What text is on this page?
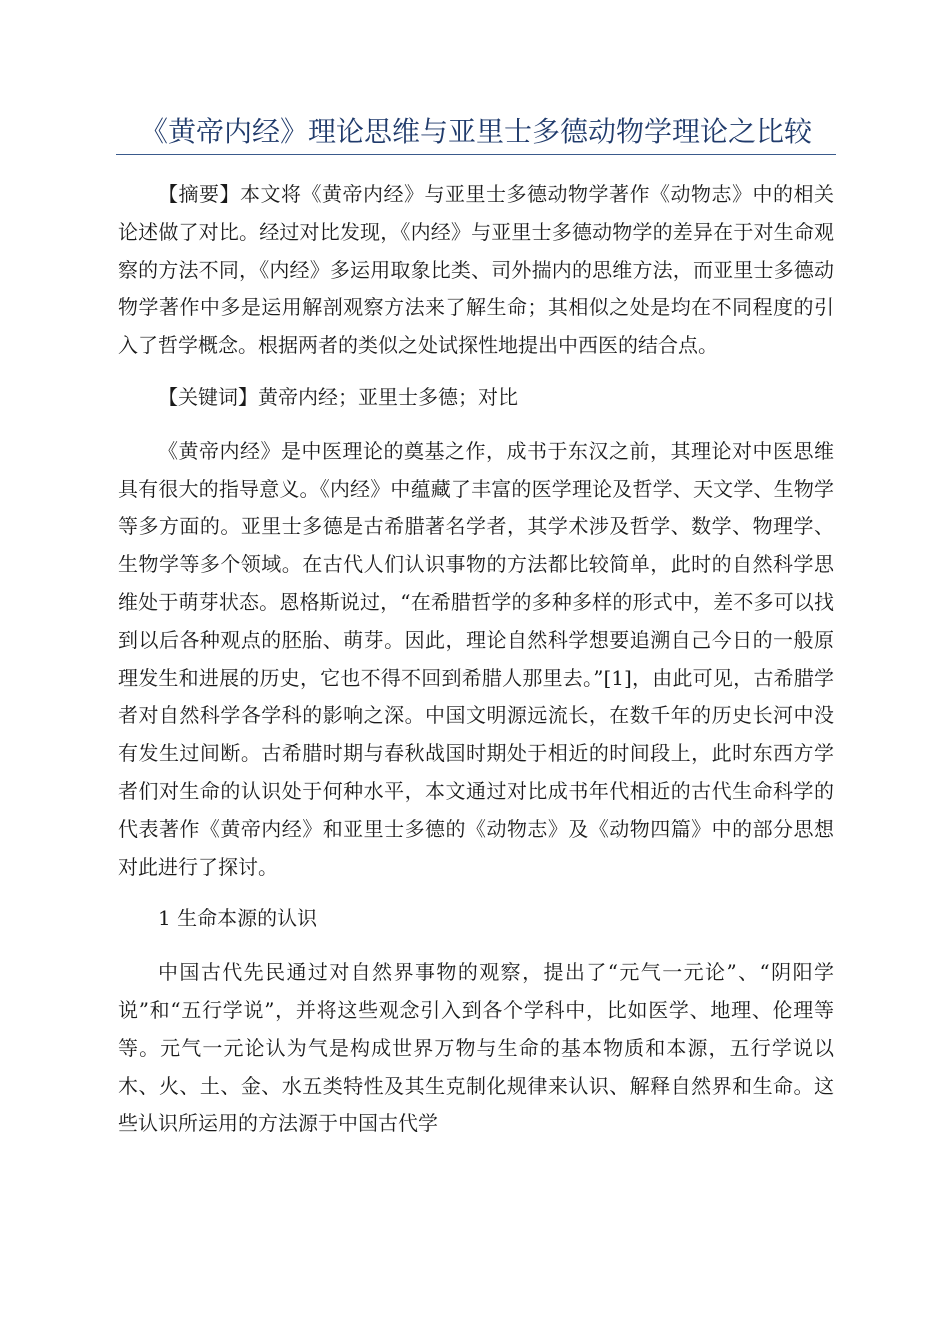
《黄帝内经》理论思维与亚里士多德动物学理论之比较

【摘要】本文将《黄帝内经》与亚里士多德动物学著作《动物志》中的相关论述做了对比。经过对比发现，《内经》与亚里士多德动物学的差异在于对生命观察的方法不同，《内经》多运用取象比类、司外揣内的思维方法，而亚里士多德动物学著作中多是运用解剖观察方法来了解生命；其相似之处是均在不同程度的引入了哲学概念。根据两者的类似之处试探性地提出中西医的结合点。

【关键词】黄帝内经；亚里士多德；对比

《黄帝内经》是中医理论的奠基之作，成书于东汉之前，其理论对中医思维具有很大的指导意义。《内经》中蕴藏了丰富的医学理论及哲学、天文学、生物学等多方面的。亚里士多德是古希腊著名学者，其学术涉及哲学、数学、物理学、生物学等多个领域。在古代人们认识事物的方法都比较简单，此时的自然科学思维处于萌芽状态。恩格斯说过，“在希腊哲学的多种多样的形式中，差不多可以找到以后各种观点的胚胎、萌芽。因此，理论自然科学想要追溯自己今日的一般原理发生和进展的历史，它也不得不回到希腊人那里去。”[1]，由此可见，古希腊学者对自然科学各学科的影响之深。中国文明源远流长，在数千年的历史长河中没有发生过间断。古希腊时期与春秋战国时期处于相近的时间段上，此时东西方学者们对生命的认识处于何种水平，本文通过对比成书年代相近的古代生命科学的代表著作《黄帝内经》和亚里士多德的《动物志》及《动物四篇》中的部分思想对此进行了探讨。

1 生命本源的认识

中国古代先民通过对自然界事物的观察，提出了“元气一元论”、“阴阳学说”和“五行学说”，并将这些观念引入到各个学科中，比如医学、地理、伦理等等。元气一元论认为气是构成世界万物与生命的基本物质和本源，五行学说以木、火、土、金、水五类特性及其生克制化规律来认识、解释自然界和生命。这些认识所运用的方法源于中国古代学
